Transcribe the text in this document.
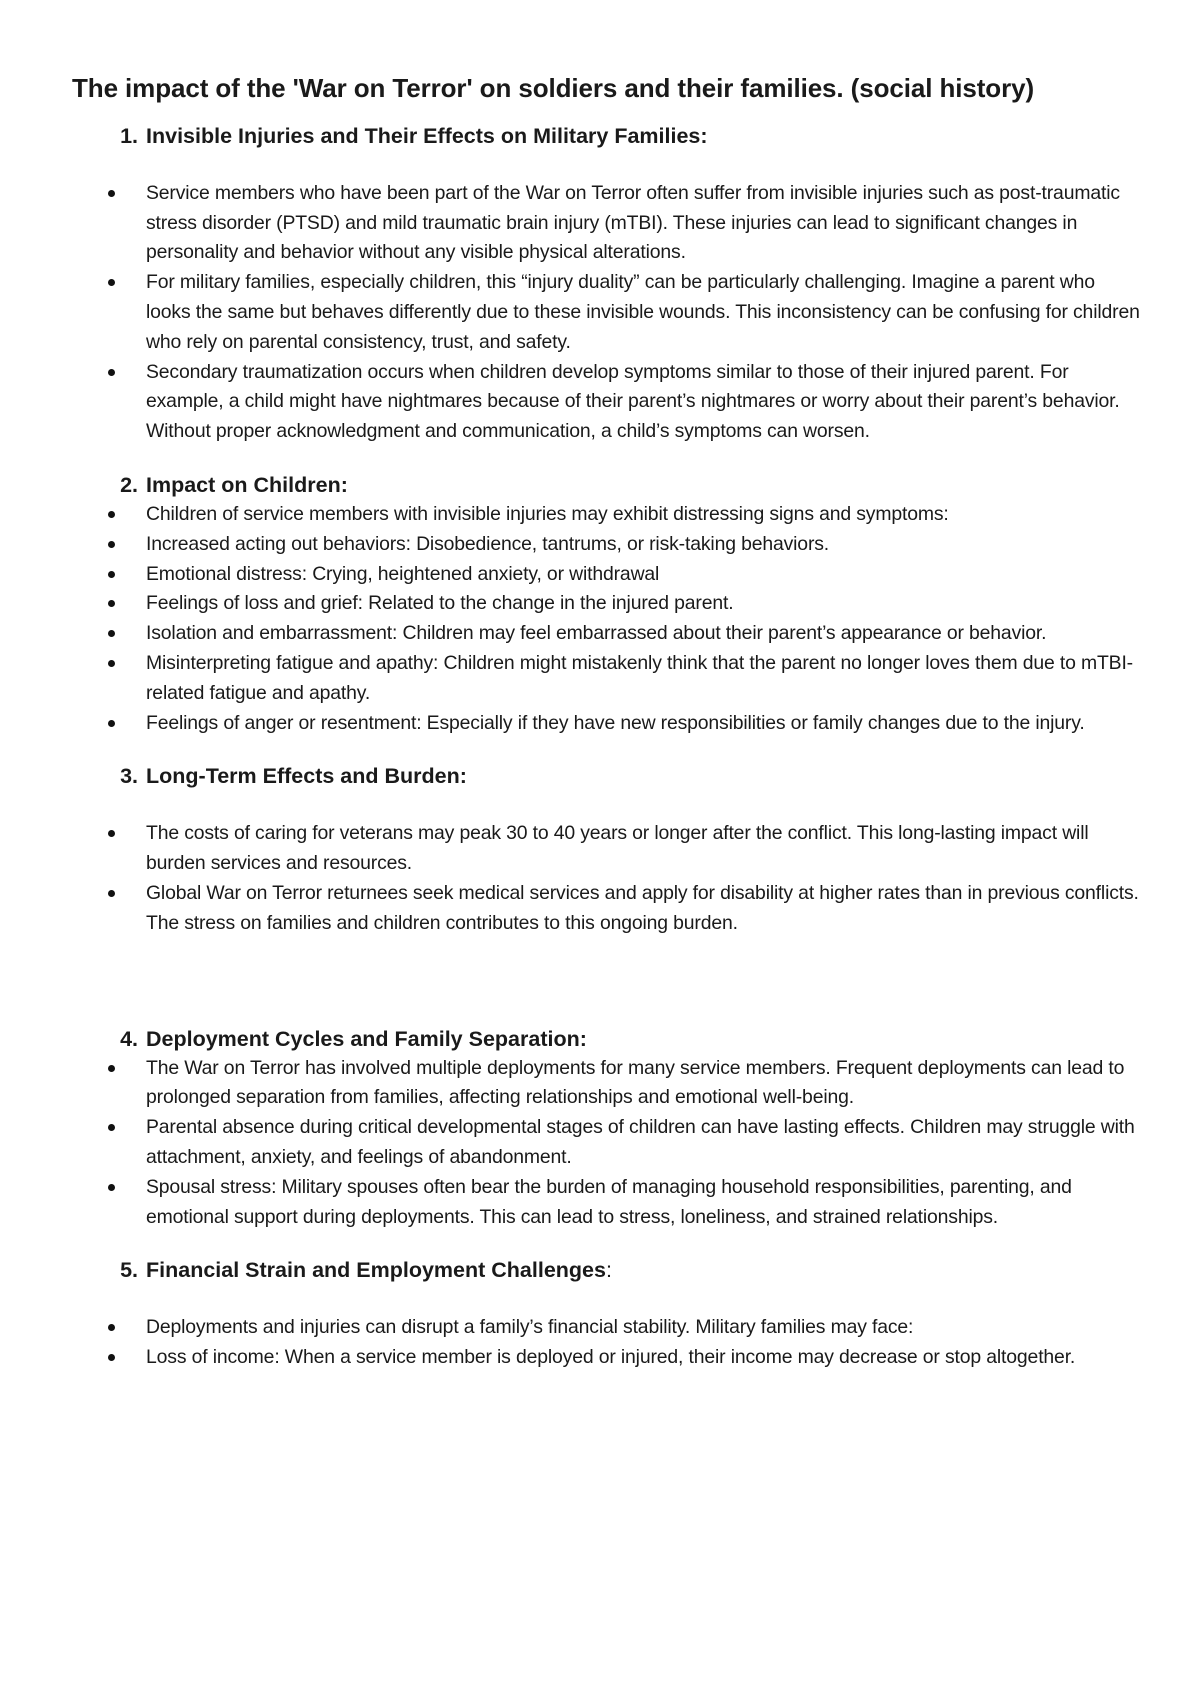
The impact of the 'War on Terror' on soldiers and their families. (social history)
1. Invisible Injuries and Their Effects on Military Families:
Service members who have been part of the War on Terror often suffer from invisible injuries such as post-traumatic stress disorder (PTSD) and mild traumatic brain injury (mTBI). These injuries can lead to significant changes in personality and behavior without any visible physical alterations.
For military families, especially children, this “injury duality” can be particularly challenging. Imagine a parent who looks the same but behaves differently due to these invisible wounds. This inconsistency can be confusing for children who rely on parental consistency, trust, and safety.
Secondary traumatization occurs when children develop symptoms similar to those of their injured parent. For example, a child might have nightmares because of their parent’s nightmares or worry about their parent’s behavior. Without proper acknowledgment and communication, a child’s symptoms can worsen.
2. Impact on Children:
Children of service members with invisible injuries may exhibit distressing signs and symptoms:
Increased acting out behaviors: Disobedience, tantrums, or risk-taking behaviors.
Emotional distress: Crying, heightened anxiety, or withdrawal
Feelings of loss and grief: Related to the change in the injured parent.
Isolation and embarrassment: Children may feel embarrassed about their parent’s appearance or behavior.
Misinterpreting fatigue and apathy: Children might mistakenly think that the parent no longer loves them due to mTBI-related fatigue and apathy.
Feelings of anger or resentment: Especially if they have new responsibilities or family changes due to the injury.
3. Long-Term Effects and Burden:
The costs of caring for veterans may peak 30 to 40 years or longer after the conflict. This long-lasting impact will burden services and resources.
Global War on Terror returnees seek medical services and apply for disability at higher rates than in previous conflicts. The stress on families and children contributes to this ongoing burden.
4. Deployment Cycles and Family Separation:
The War on Terror has involved multiple deployments for many service members. Frequent deployments can lead to prolonged separation from families, affecting relationships and emotional well-being.
Parental absence during critical developmental stages of children can have lasting effects. Children may struggle with attachment, anxiety, and feelings of abandonment.
Spousal stress: Military spouses often bear the burden of managing household responsibilities, parenting, and emotional support during deployments. This can lead to stress, loneliness, and strained relationships.
5. Financial Strain and Employment Challenges:
Deployments and injuries can disrupt a family’s financial stability. Military families may face:
Loss of income: When a service member is deployed or injured, their income may decrease or stop altogether.
